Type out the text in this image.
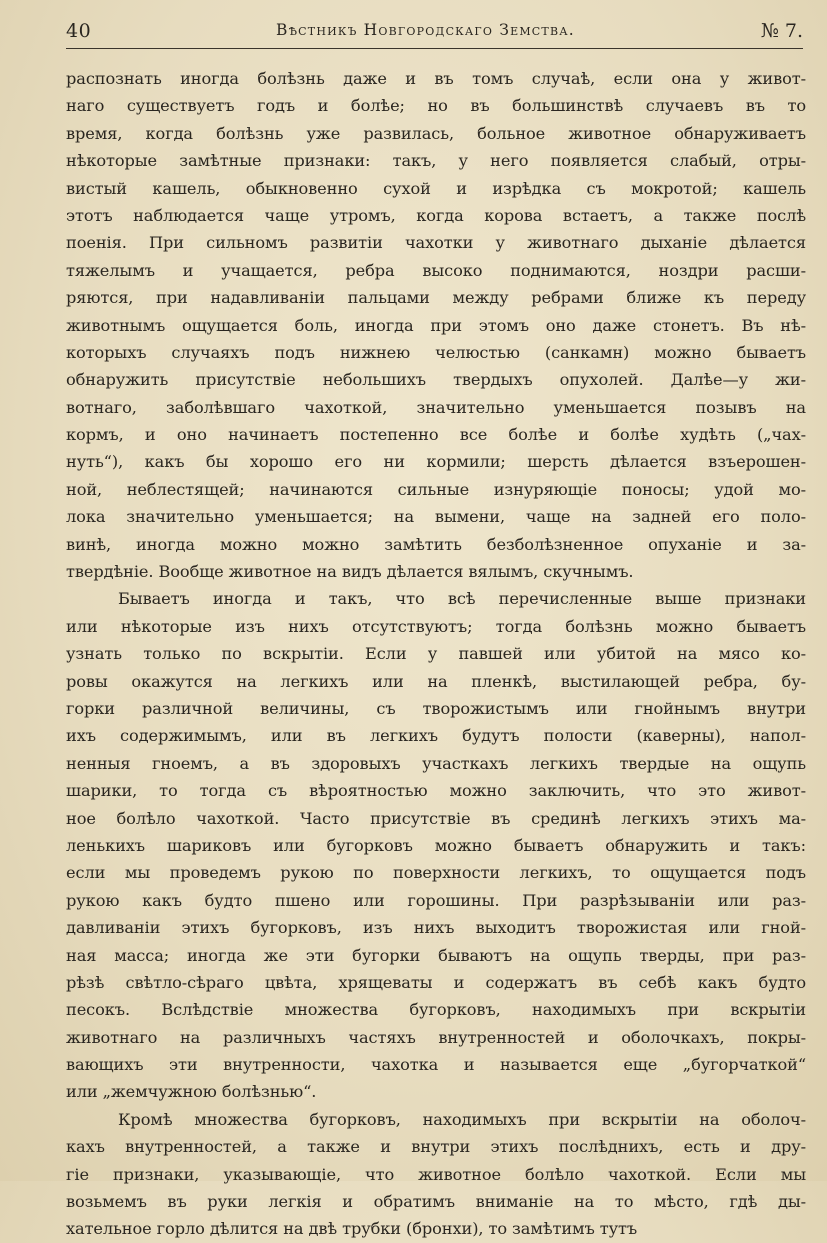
40	Вѣстникъ Новгородскаго Земства.	№ 7.
распознать иногда болѣзнь даже и въ томъ случаѣ, если она у живот-
наго существуетъ годъ и болѣе; но въ большинствѣ случаевъ въ то
время, когда болѣзнь уже развилась, больное животное обнаруживаетъ
нѣкоторые замѣтные признаки: такъ, у него появляется слабый, отры-
вистый кашель, обыкновенно сухой и изрѣдка съ мокротой; кашель
этотъ наблюдается чаще утромъ, когда корова встаетъ, а также послѣ
поенія. При сильномъ развитіи чахотки у животнаго дыханіе дѣлается
тяжелымъ и учащается, ребра высоко поднимаются, ноздри расши-
ряются, при надавливаніи пальцами между ребрами ближе къ переду
животнымъ ощущается боль, иногда при этомъ оно даже стонетъ. Въ нѣ-
которыхъ случаяхъ подъ нижнею челюстью (санкамн) можно бываетъ
обнаружить присутствіе небольшихъ твердыхъ опухолей. Далѣе—у жи-
вотнаго, заболѣвшаго чахоткой, значительно уменьшается позывъ на
кормъ, и оно начинаетъ постепенно все болѣе и болѣе худѣть („чах-
нуть“), какъ бы хорошо его ни кормили; шерсть дѣлается взъерошен-
ной, неблестящей; начинаются сильные изнуряющіе поносы; удой мо-
лока значительно уменьшается; на вымени, чаще на задней его поло-
винѣ, иногда можно можно замѣтить безболѣзненное опуханіе и за-
твердѣніе. Вообще животное на видъ дѣлается вялымъ, скучнымъ.
Бываетъ иногда и такъ, что всѣ перечисленные выше признаки
или нѣкоторые изъ нихъ отсутствуютъ; тогда болѣзнь можно бываетъ
узнать только по вскрытіи. Если у павшей или убитой на мясо ко-
ровы окажутся на легкихъ или на пленкѣ, выстилающей ребра, бу-
горки различной величины, съ творожистымъ или гнойнымъ внутри
ихъ содержимымъ, или въ легкихъ будутъ полости (каверны), напол-
ненныя гноемъ, а въ здоровыхъ участкахъ легкихъ твердые на ощупь
шарики, то тогда съ вѣроятностью можно заключить, что это живот-
ное болѣло чахоткой. Часто присутствіе въ срединѣ легкихъ этихъ ма-
ленькихъ шариковъ или бугорковъ можно бываетъ обнаружить и такъ:
если мы проведемъ рукою по поверхности легкихъ, то ощущается подъ
рукою какъ будто пшено или горошины. При разрѣзываніи или раз-
давливаніи этихъ бугорковъ, изъ нихъ выходитъ творожистая или гной-
ная масса; иногда же эти бугорки бываютъ на ощупь тверды, при раз-
рѣзѣ свѣтло-сѣраго цвѣта, хрящеваты и содержатъ въ себѣ какъ будто
песокъ. Вслѣдствіе множества бугорковъ, находимыхъ при вскрытіи
животнаго на различныхъ частяхъ внутренностей и оболочкахъ, покры-
вающихъ эти внутренности, чахотка и называется еще „бугорчаткой“
или „жемчужною болѣзнью“.
Кромѣ множества бугорковъ, находимыхъ при вскрытіи на оболоч-
кахъ внутренностей, а также и внутри этихъ послѣднихъ, есть и дру-
гіе признаки, указывающіе, что животное болѣло чахоткой. Если мы
возьмемъ въ руки легкія и обратимъ вниманіе на то мѣсто, гдѣ ды-
хательное горло дѣлится на двѣ трубки (бронхи), то замѣтимъ тутъ
